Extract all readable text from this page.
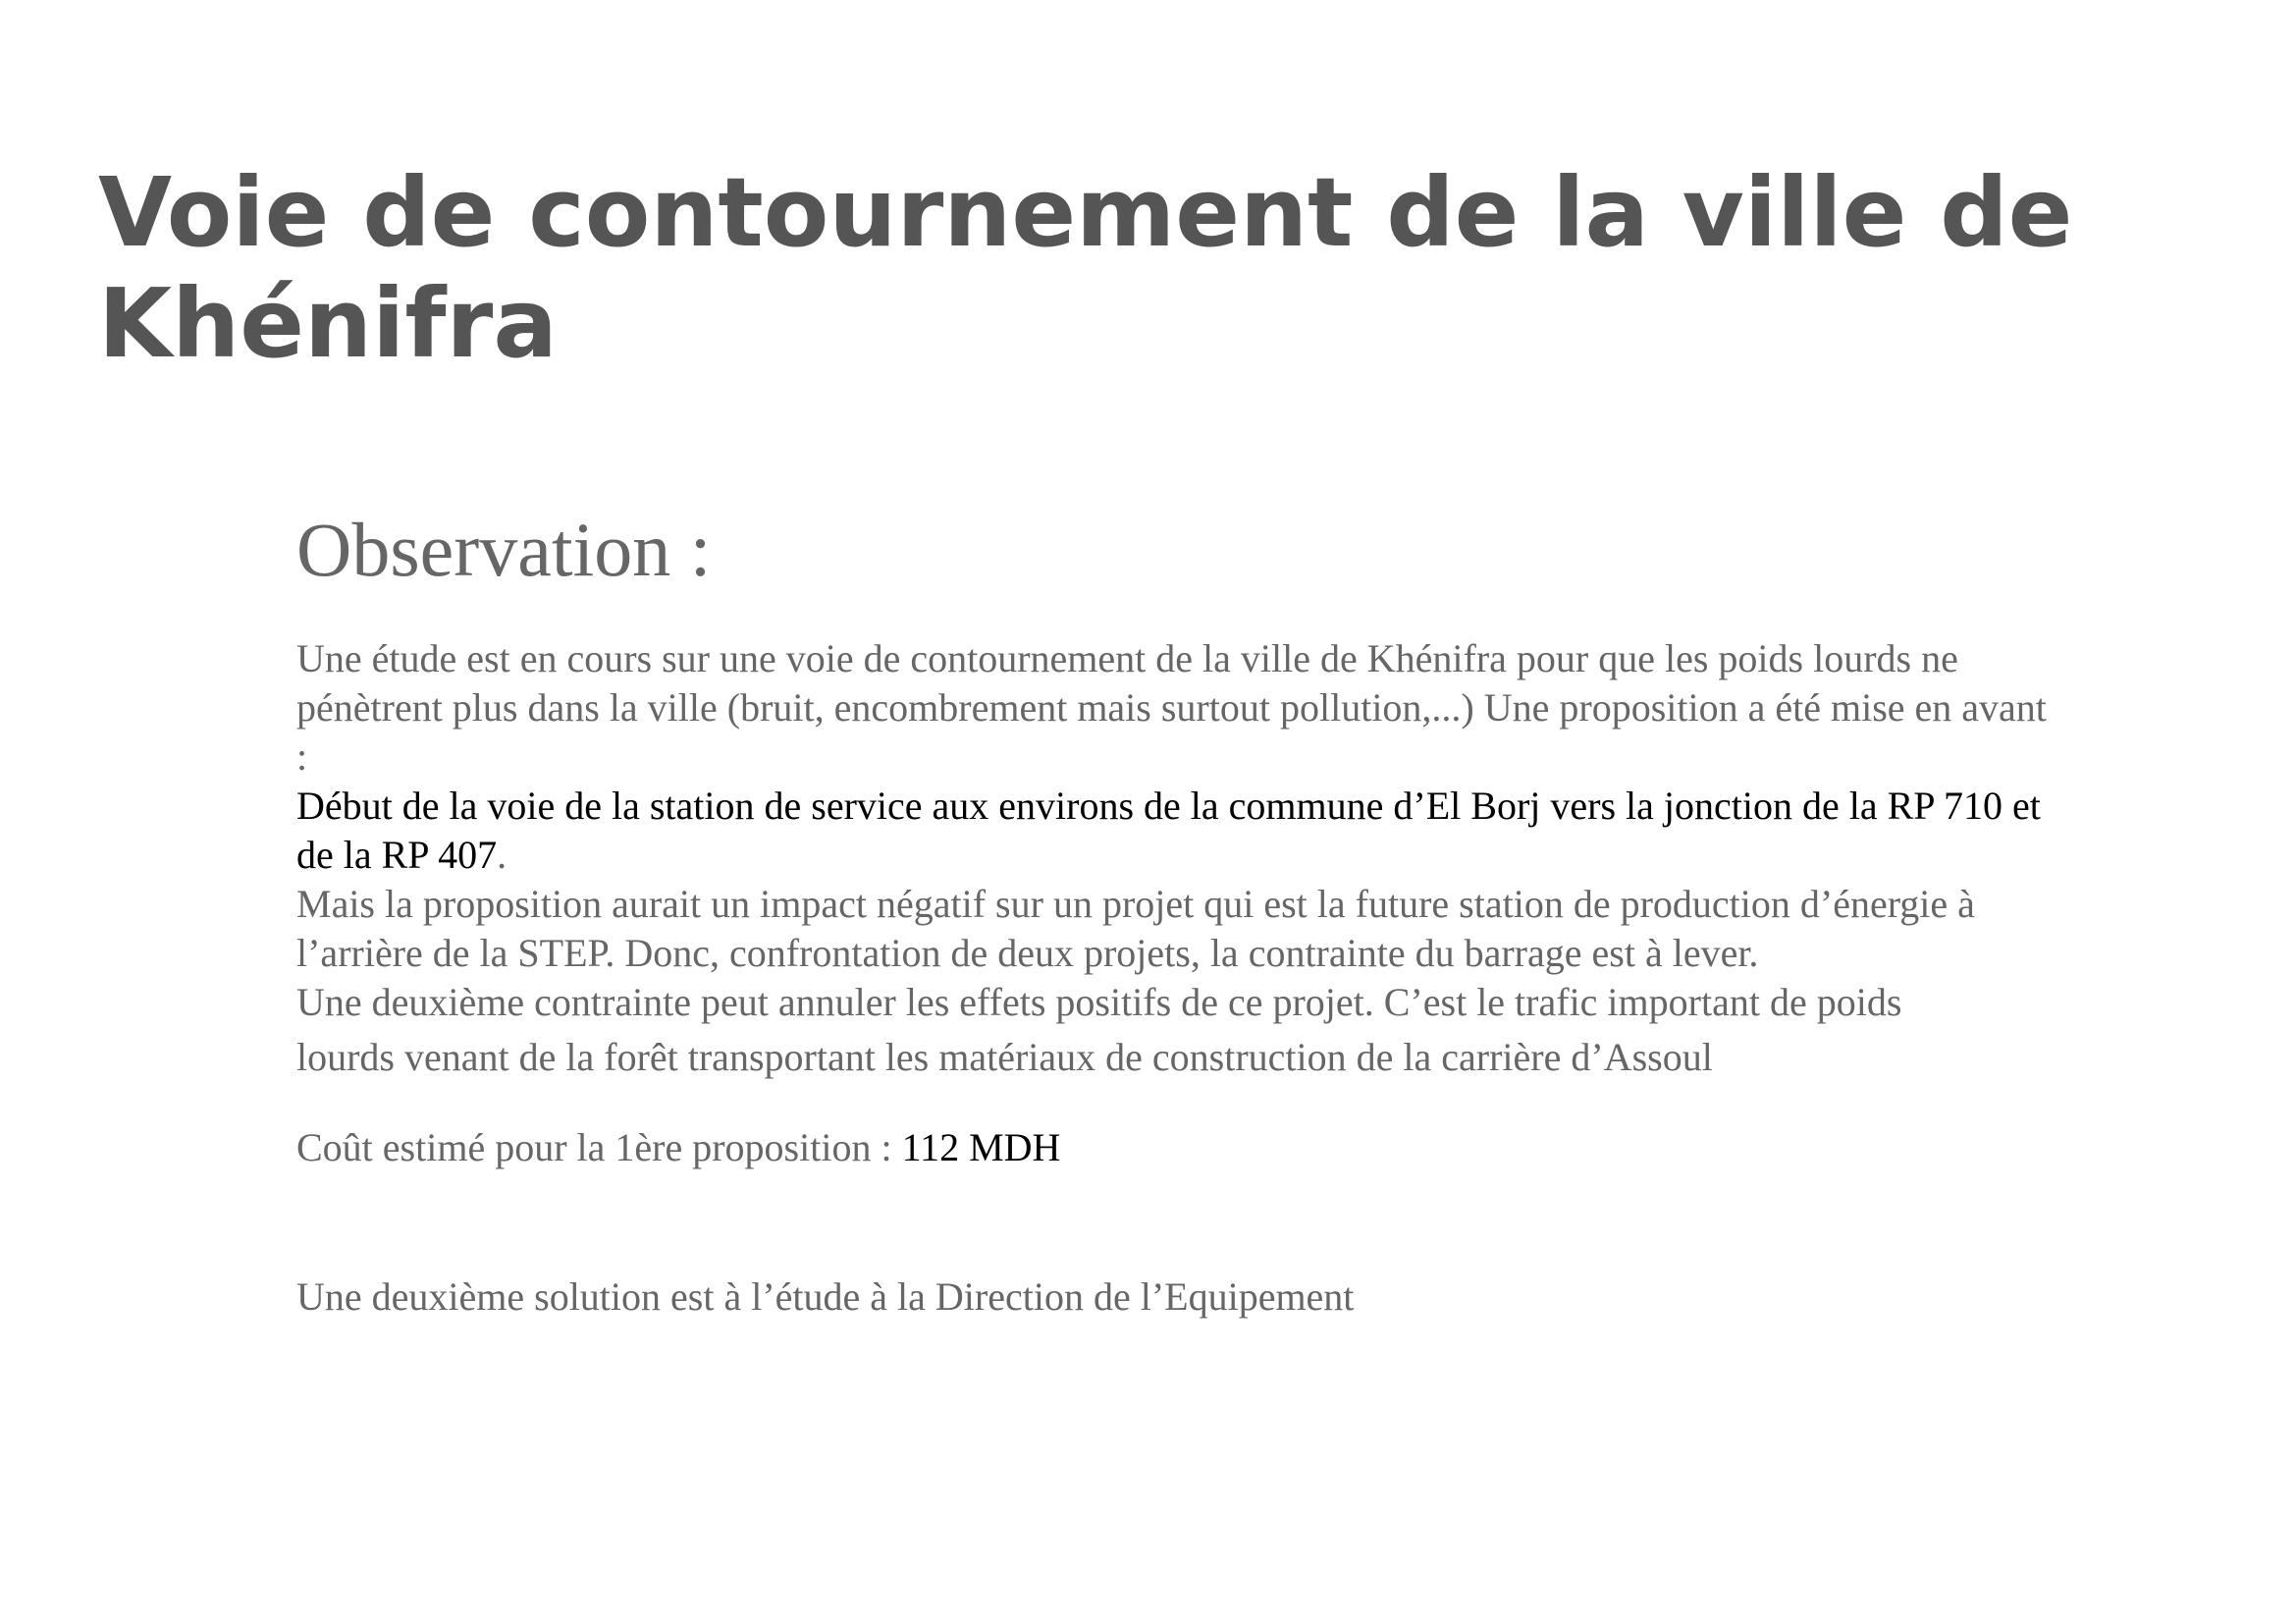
Voie de contournement de la ville de Khénifra
Observation :

Une étude est en cours sur une voie de contournement de la ville de Khénifra pour que les poids lourds ne pénètrent plus dans la ville (bruit, encombrement mais surtout pollution,...) Une proposition a été mise en avant :

Début de la voie de la station de service aux environs de la commune d’El Borj vers la jonction de la RP 710 et de la RP 407.

Mais la proposition aurait un impact négatif sur un projet qui est la future station de production d’énergie à l’arrière de la STEP. Donc, confrontation de deux projets, la contrainte du barrage est à lever.

Une deuxième contrainte peut annuler les effets positifs de ce projet. C’est le trafic important de poids

lourds venant de la forêt transportant les matériaux de construction de la carrière d’Assoul

Coût estimé pour la 1ère proposition : 112 MDH

Une deuxième solution est à l’étude à la Direction de l’Equipement
